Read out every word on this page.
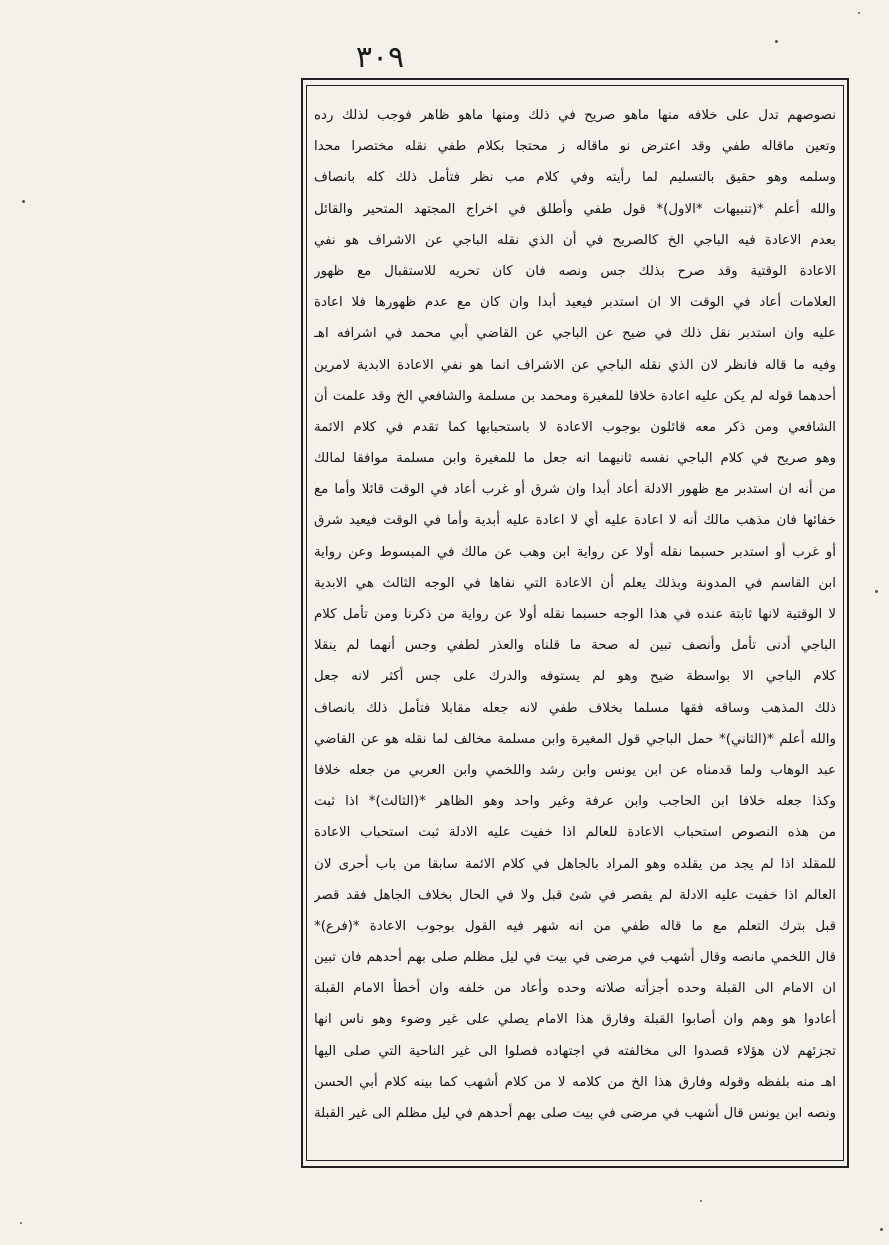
٣٠٩
نصوصهم تدل على خلافه منها ماهو صريح في ذلك ومنها ماهو ظاهر فوجب لذلك رده
وتعين ماقاله طفي وقد اعترض نو ماقاله ز محتجا بكلام طفي نقله مختصرا محدا
وسلمه وهو حقيق بالتسليم لما رأيته وفي كلام مب نظر فتأمل ذلك كله بانصاف
والله أعلم *(تنبيهات *الاول)* قول طفي وأطلق في اخراج المجتهد المتحير والقائل
بعدم الاعادة فيه الباجي الخ كالصريح في أن الذي نقله الباجي عن الاشراف هو نفي
الاعادة الوقتية وقد صرح بذلك جس ونصه فان كان تحريه للاستقبال مع ظهور
العلامات أعاد في الوقت الا ان استدبر فيعيد أبدا وان كان مع عدم ظهورها فلا اعادة
عليه وان استدبر نقل ذلك في ضيح عن الباجي عن القاضي أبي محمد في اشرافه اهـ
وفيه ما قاله فانظر لان الذي نقله الباجي عن الاشراف انما هو نفي الاعادة الابدية لامرين
أحدهما قوله لم يكن عليه اعادة خلافا للمغيرة ومحمد بن مسلمة والشافعي الخ وقد علمت أن
الشافعي ومن ذكر معه قائلون بوجوب الاعادة لا باستحبابها كما تقدم في كلام الائمة
وهو صريح في كلام الباجي نفسه ثانيهما انه جعل ما للمغيرة وابن مسلمة موافقا لمالك
من أنه ان استدبر مع ظهور الادلة أعاد أبدا وان شرق أو غرب أعاد في الوقت قائلا وأما مع
خفائها فان مذهب مالك أنه لا اعادة عليه أي لا اعادة عليه أبدية وأما في الوقت فيعيد شرق
أو غرب أو استدبر حسبما نقله أولا عن رواية ابن وهب عن مالك في المبسوط وعن رواية
ابن القاسم في المدونة وبذلك يعلم أن الاعادة التي نفاها في الوجه الثالث هي الابدية
لا الوقتية لانها ثابتة عنده في هذا الوجه حسبما نقله أولا عن رواية من ذكرنا ومن تأمل كلام
الباجي أدنى تأمل وأنصف تبين له صحة ما قلناه والعذر لطفي وجس أنهما لم ينقلا
كلام الباجي الا بواسطة ضيح وهو لم يستوفه والدرك على جس أكثر لانه جعل
ذلك المذهب وساقه فقها مسلما بخلاف طفي لانه جعله مقابلا فتأمل ذلك بانصاف
والله أعلم *(الثاني)* حمل الباجي قول المغيرة وابن مسلمة مخالف لما نقله هو عن القاضي
عبد الوهاب ولما قدمناه عن ابن يونس وابن رشد واللخمي وابن العربي من جعله خلافا
وكذا جعله خلافا ابن الحاجب وابن عرفة وغير واحد وهو الظاهر *(الثالث)* اذا ثبت
من هذه النصوص استحباب الاعادة للعالم اذا خفيت عليه الادلة ثبت استحباب الاعادة
للمقلد اذا لم يجد من يقلده وهو المراد بالجاهل في كلام الائمة سابقا من باب أحرى لان
العالم اذا خفيت عليه الادلة لم يقصر في شئ قبل ولا في الحال بخلاف الجاهل فقد قصر
قبل بترك التعلم مع ما قاله طفي من انه شهر فيه القول بوجوب الاعادة *(فرع)*
قال اللخمي مانصه وقال أشهب في مرضى في بيت في ليل مظلم صلى بهم أحدهم فان تبين
ان الامام الى القبلة وحده أجزأته صلاته وحده وأعاد من خلفه وان أخطأ الامام القبلة
أعادوا هو وهم وان أصابوا القبلة وفارق هذا الامام يصلي على غير وضوء وهو ناس انها
تجزئهم لان هؤلاء قصدوا الى مخالفته في اجتهاده فصلوا الى غير الناحية التي صلى اليها
اهـ منه بلفظه وقوله وفارق هذا الخ من كلامه لا من كلام أشهب كما بينه كلام أبي الحسن
ونصه ابن يونس قال أشهب في مرضى في بيت صلى بهم أحدهم في ليل مظلم الى غير القبلة
